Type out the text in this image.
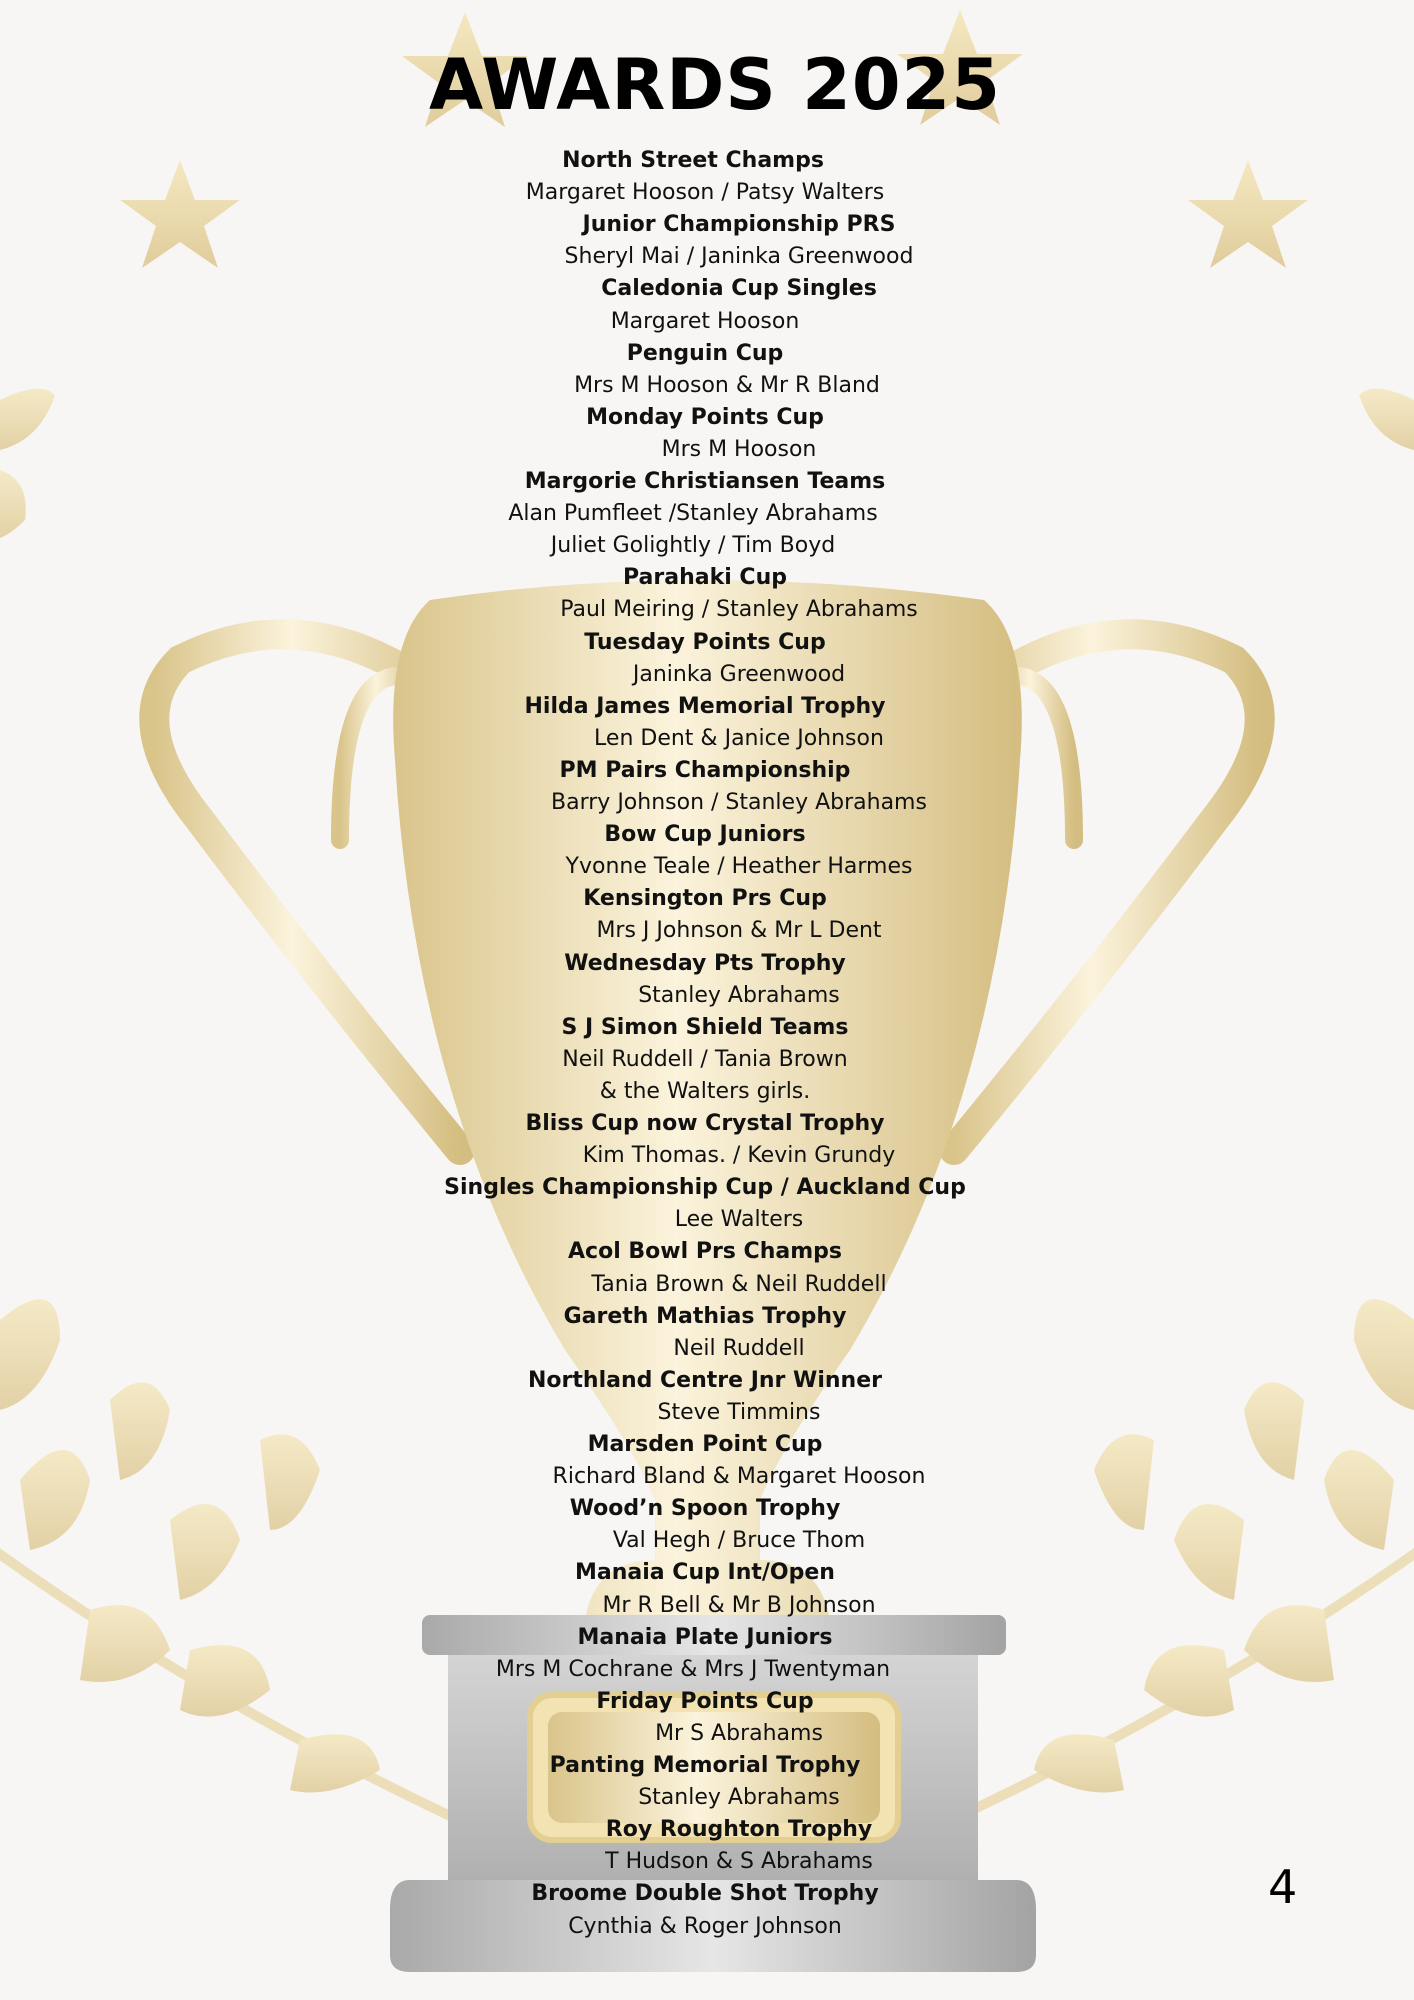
AWARDS 2025
North Street Champs
Margaret Hooson / Patsy Walters
Junior Championship PRS
Sheryl Mai / Janinka Greenwood
Caledonia Cup Singles
Margaret Hooson
Penguin Cup
Mrs M Hooson & Mr R Bland
Monday Points Cup
Mrs M Hooson
Margorie Christiansen Teams
Alan Pumfleet /Stanley Abrahams
Juliet Golightly / Tim Boyd
Parahaki Cup
Paul Meiring / Stanley Abrahams
Tuesday Points Cup
Janinka Greenwood
Hilda James Memorial Trophy
Len Dent & Janice Johnson
PM Pairs Championship
Barry Johnson / Stanley Abrahams
Bow Cup Juniors
Yvonne Teale / Heather Harmes
Kensington Prs Cup
Mrs J Johnson & Mr L Dent
Wednesday Pts Trophy
Stanley Abrahams
S J Simon Shield Teams
Neil Ruddell / Tania Brown
& the Walters girls.
Bliss Cup now Crystal Trophy
Kim Thomas. / Kevin Grundy
Singles Championship Cup / Auckland Cup
Lee Walters
Acol Bowl Prs Champs
Tania Brown & Neil Ruddell
Gareth Mathias Trophy
Neil Ruddell
Northland Centre Jnr Winner
Steve Timmins
Marsden Point Cup
Richard Bland & Margaret Hooson
Wood’n Spoon Trophy
Val Hegh / Bruce Thom
Manaia Cup Int/Open
Mr R Bell & Mr B Johnson
Manaia Plate Juniors
Mrs M Cochrane & Mrs J Twentyman
Friday Points Cup
Mr S Abrahams
Panting Memorial Trophy
Stanley Abrahams
Roy Roughton Trophy
T Hudson & S Abrahams
Broome Double Shot Trophy
Cynthia & Roger Johnson
4
